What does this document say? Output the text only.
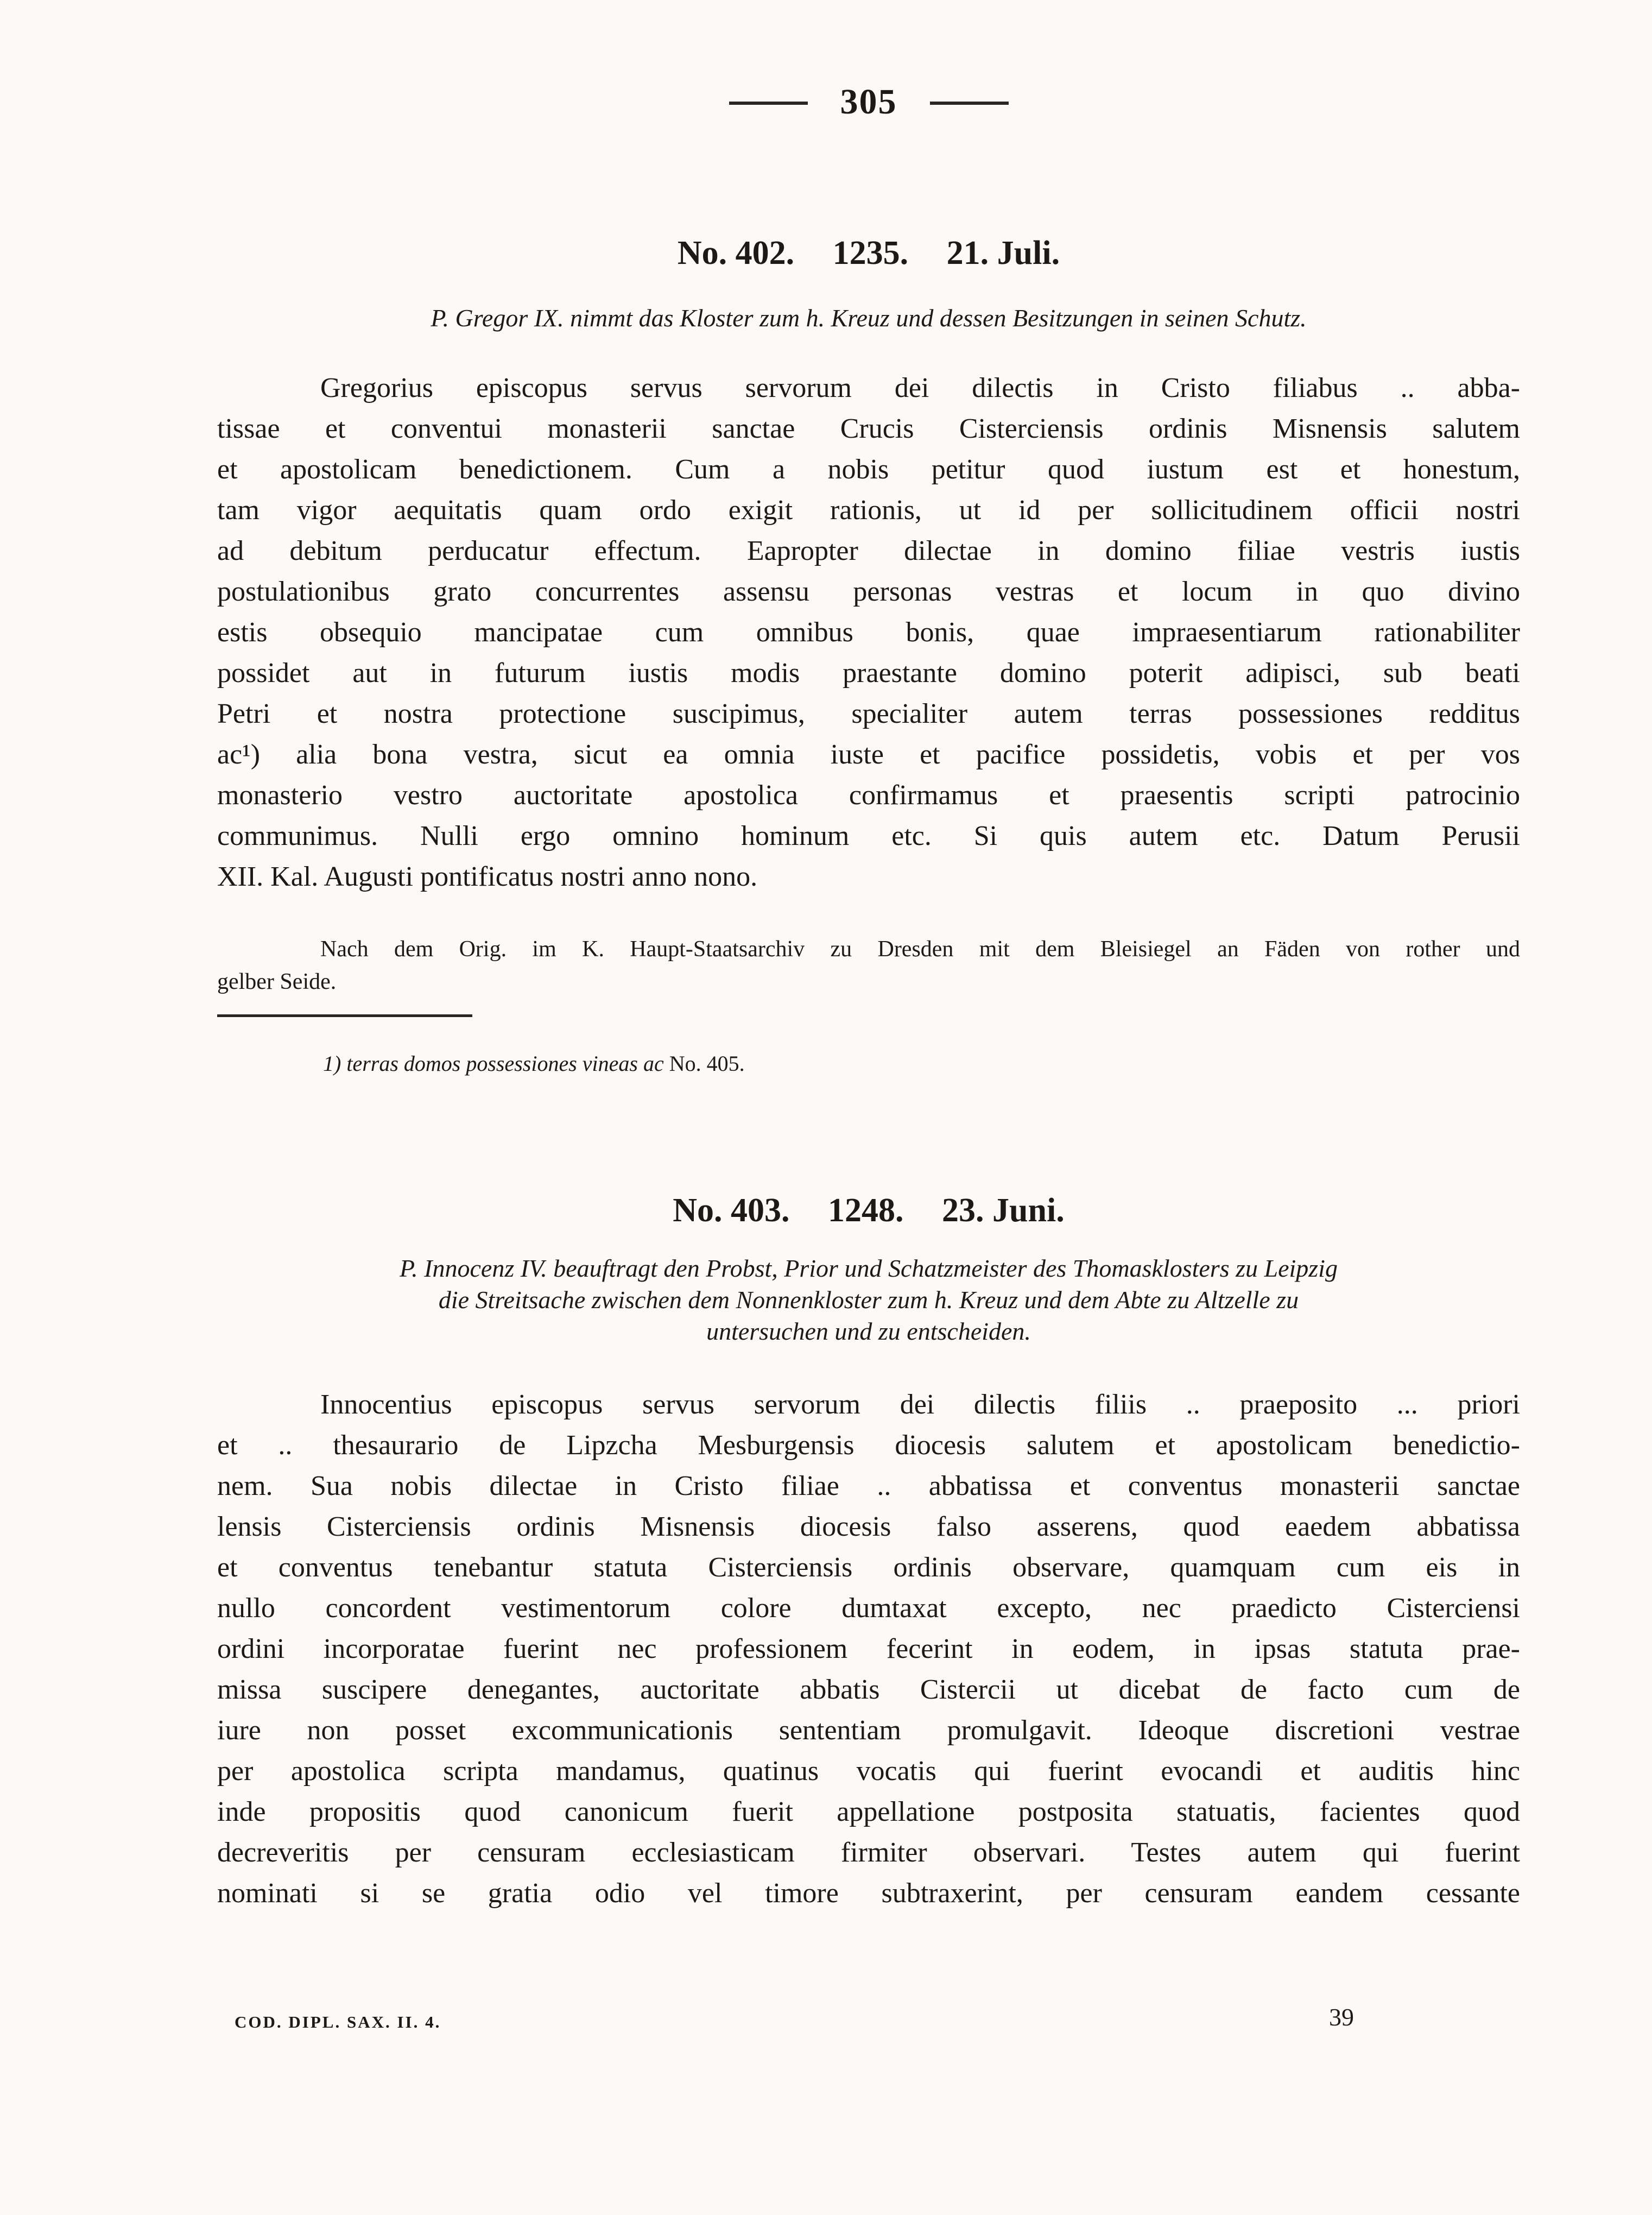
305
No. 402. 1235. 21. Juli.
P. Gregor IX. nimmt das Kloster zum h. Kreuz und dessen Besitzungen in seinen Schutz.
Gregorius episcopus servus servorum dei dilectis in Cristo filiabus .. abba-
tissae et conventui monasterii sanctae Crucis Cisterciensis ordinis Misnensis salutem
et apostolicam benedictionem. Cum a nobis petitur quod iustum est et honestum,
tam vigor aequitatis quam ordo exigit rationis, ut id per sollicitudinem officii nostri
ad debitum perducatur effectum. Eapropter dilectae in domino filiae vestris iustis
postulationibus grato concurrentes assensu personas vestras et locum in quo divino
estis obsequio mancipatae cum omnibus bonis, quae impraesentiarum rationabiliter
possidet aut in futurum iustis modis praestante domino poterit adipisci, sub beati
Petri et nostra protectione suscipimus, specialiter autem terras possessiones redditus
ac¹) alia bona vestra, sicut ea omnia iuste et pacifice possidetis, vobis et per vos
monasterio vestro auctoritate apostolica confirmamus et praesentis scripti patrocinio
communimus. Nulli ergo omnino hominum etc. Si quis autem etc. Datum Perusii
XII. Kal. Augusti pontificatus nostri anno nono.
Nach dem Orig. im K. Haupt-Staatsarchiv zu Dresden mit dem Bleisiegel an Fäden von rother und
gelber Seide.
1) terras domos possessiones vineas ac No. 405.
No. 403. 1248. 23. Juni.
P. Innocenz IV. beauftragt den Probst, Prior und Schatzmeister des Thomasklosters zu Leipzig
die Streitsache zwischen dem Nonnenkloster zum h. Kreuz und dem Abte zu Altzelle zu
untersuchen und zu entscheiden.
Innocentius episcopus servus servorum dei dilectis filiis .. praeposito ... priori
et .. thesaurario de Lipzcha Mesburgensis diocesis salutem et apostolicam benedictio-
nem. Sua nobis dilectae in Cristo filiae .. abbatissa et conventus monasterii sanctae
lensis Cisterciensis ordinis Misnensis diocesis falso asserens, quod eaedem abbatissa
et conventus tenebantur statuta Cisterciensis ordinis observare, quamquam cum eis in
nullo concordent vestimentorum colore dumtaxat excepto, nec praedicto Cisterciensi
ordini incorporatae fuerint nec professionem fecerint in eodem, in ipsas statuta prae-
missa suscipere denegantes, auctoritate abbatis Cistercii ut dicebat de facto cum de
iure non posset excommunicationis sententiam promulgavit. Ideoque discretioni vestrae
per apostolica scripta mandamus, quatinus vocatis qui fuerint evocandi et auditis hinc
inde propositis quod canonicum fuerit appellatione postposita statuatis, facientes quod
decreveritis per censuram ecclesiasticam firmiter observari. Testes autem qui fuerint
nominati si se gratia odio vel timore subtraxerint, per censuram eandem cessante
COD. DIPL. SAX. II. 4.	39
